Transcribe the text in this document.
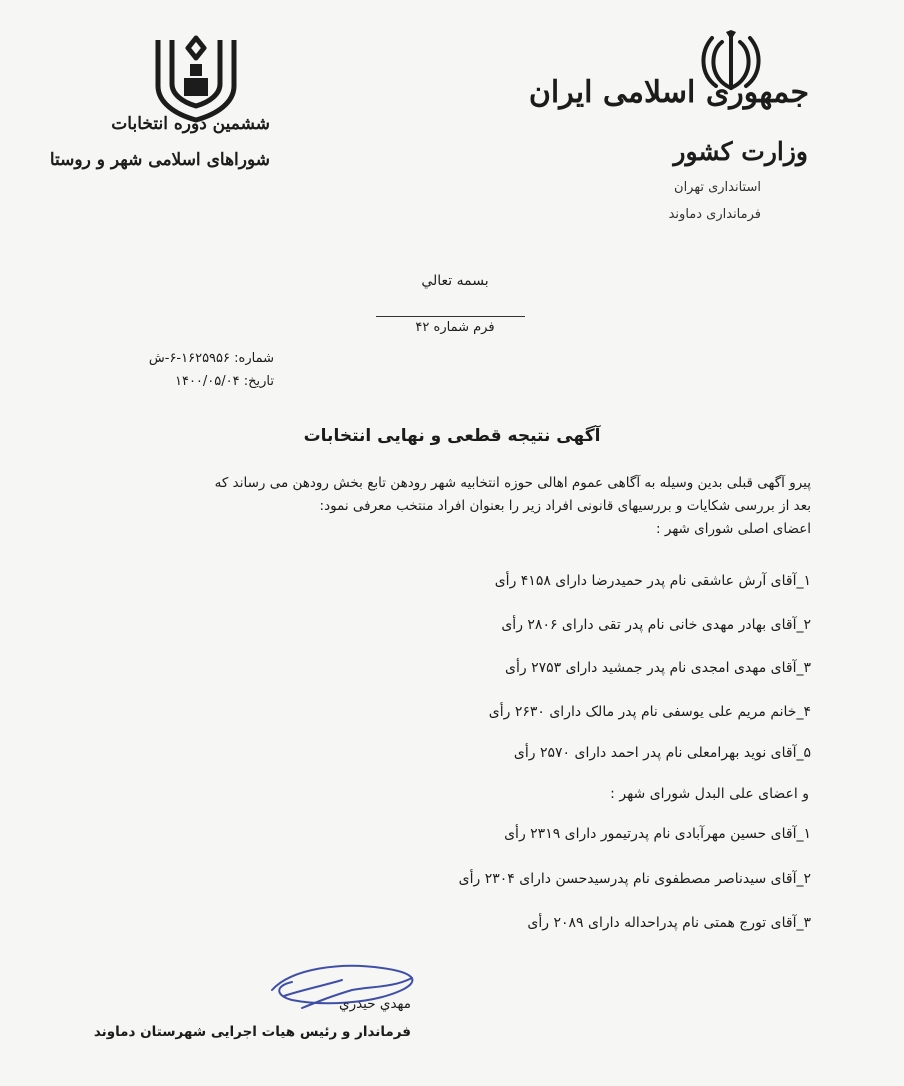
جمهوری اسلامی ایران
وزارت کشور
استانداری تهران
فرمانداری دماوند
ششمین دوره انتخابات
شوراهای اسلامی شهر و روستا
بسمه تعالي
فرم شماره ۴۲
شماره: ۱۶۲۵۹۵۶-۶-ش
تاريخ: ۱۴۰۰/۰۵/۰۴
آگهی نتیجه قطعی و نهایی انتخابات
پیرو آگهی قبلی بدین وسیله به آگاهی عموم اهالی حوزه انتخابیه شهر رودهن تابع بخش رودهن می رساند که
بعد از بررسی شکایات و بررسیهای قانونی افراد زیر را بعنوان افراد منتخب معرفی نمود:
اعضای اصلی شورای شهر :
۱_آقای آرش عاشقی نام پدر حمیدرضا دارای ۴۱۵۸ رأی
۲_آقای بهادر مهدی خانی نام پدر تقی دارای ۲۸۰۶ رأی
۳_آقای مهدی امجدی نام پدر جمشید دارای ۲۷۵۳ رأی
۴_خانم مریم علی یوسفی نام پدر مالک دارای ۲۶۳۰ رأی
۵_آقای نوید بهرامعلی نام پدر احمد دارای ۲۵۷۰ رأی
و اعضای علی البدل شورای شهر :
۱_آقای حسین مهرآبادی نام پدرتیمور دارای ۲۳۱۹ رأی
۲_آقای سیدناصر مصطفوی نام پدرسیدحسن دارای ۲۳۰۴ رأی
۳_آقای تورج همتی نام پدراحداله دارای ۲۰۸۹ رأی
مهدي حيدري
فرماندار و رئیس هیات اجرایی شهرستان دماوند
